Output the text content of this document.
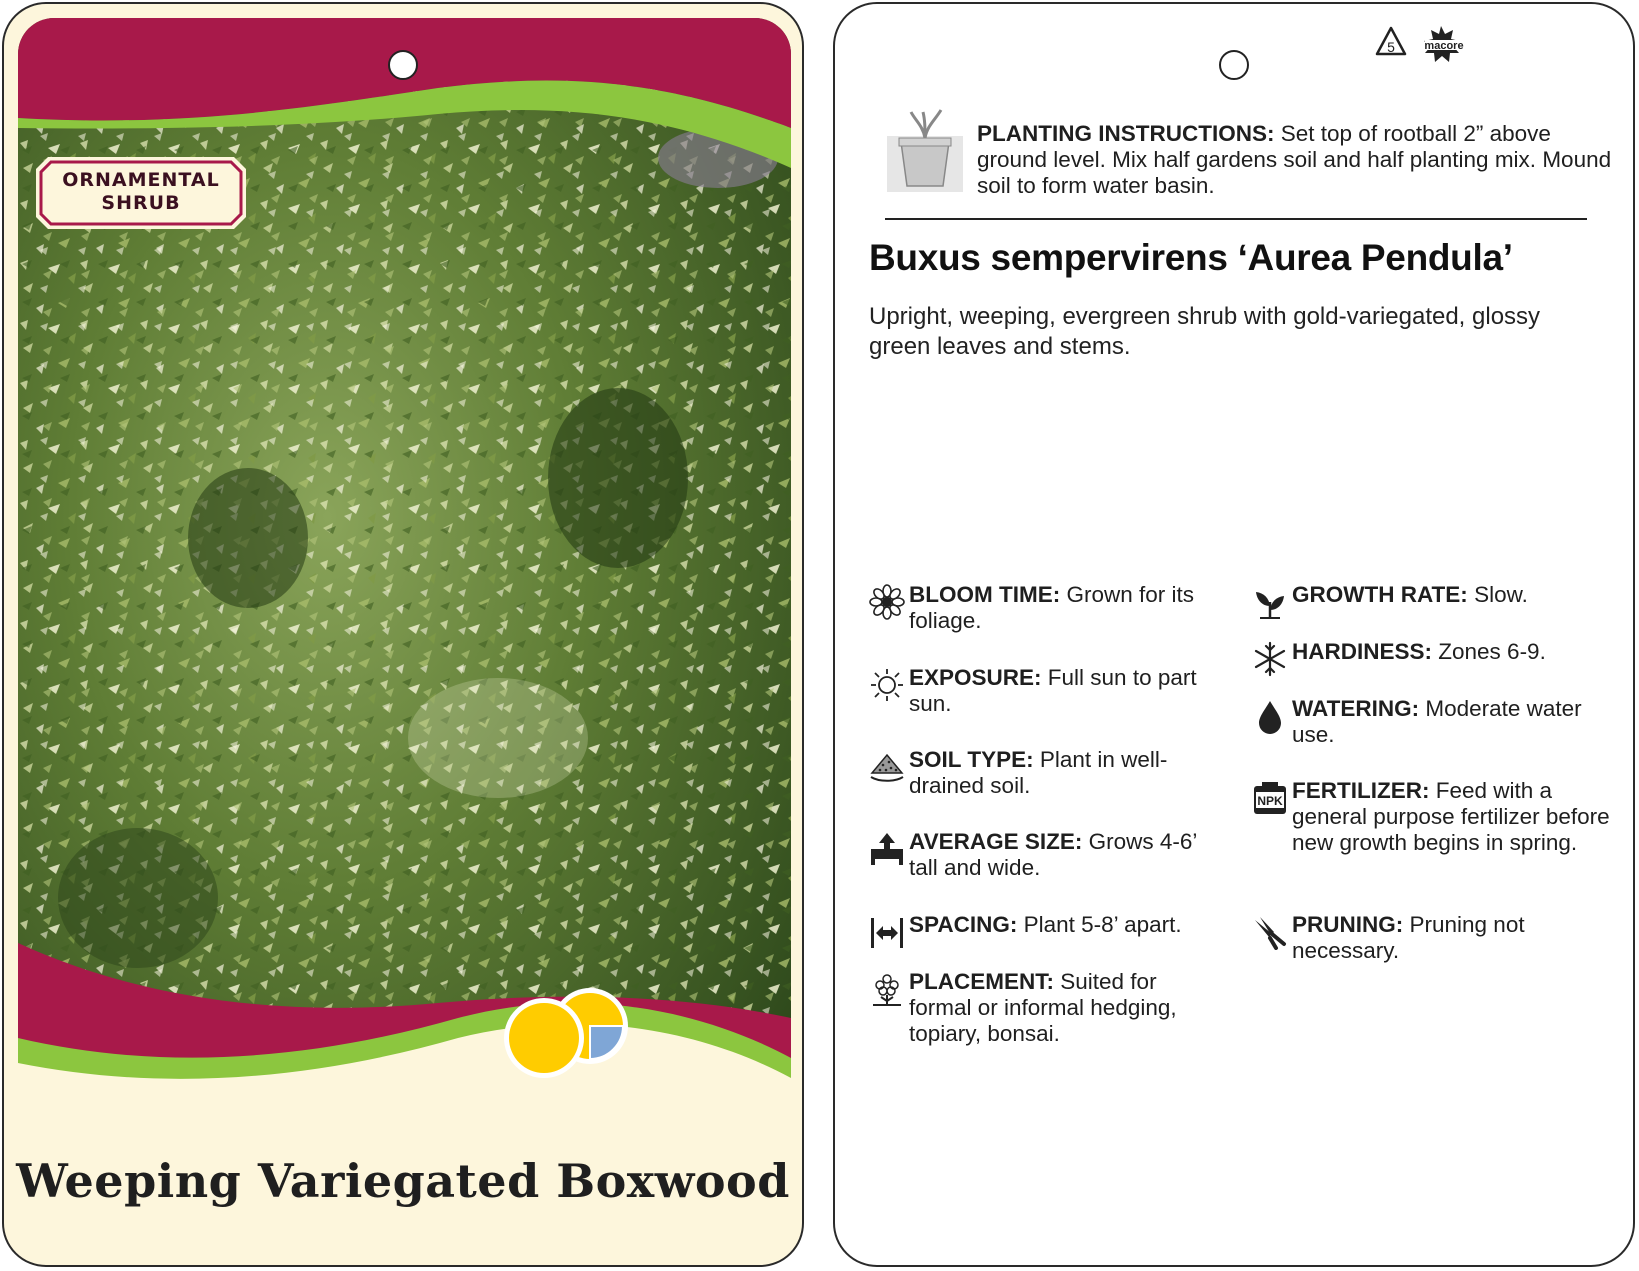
ORNAMENTAL
SHRUB
Weeping Variegated Boxwood
5	macore
PLANTING INSTRUCTIONS: Set top of rootball 2” above ground level. Mix half gardens soil and half planting mix. Mound soil to form water basin.
Buxus sempervirens ‘Aurea Pendula’
Upright, weeping, evergreen shrub with gold-variegated, glossy green leaves and stems.
BLOOM TIME: Grown for its foliage.
EXPOSURE: Full sun to part sun.
SOIL TYPE: Plant in well-drained soil.
AVERAGE SIZE: Grows 4-6’ tall and wide.
SPACING: Plant 5-8’ apart.
PLACEMENT: Suited for formal or informal hedging, topiary, bonsai.
GROWTH RATE: Slow.
HARDINESS: Zones 6-9.
WATERING: Moderate water use.
NPK FERTILIZER: Feed with a general purpose fertilizer before new growth begins in spring.
PRUNING: Pruning not necessary.
